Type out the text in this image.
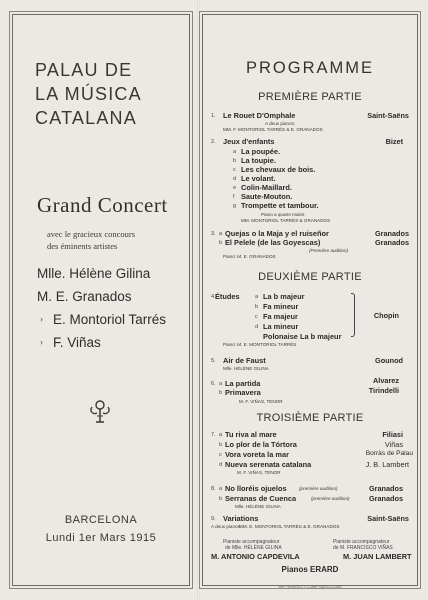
PALAU DE
LA MÚSICA
CATALANA
Grand Concert
avec le gracieux concours
des éminents artistes
Mlle. Hélène Gilina
M. E. Granados
› E. Montoriol Tarrés
› F. Viñas
BARCELONA
Lundi 1er Mars 1915
PROGRAMME
PREMIÈRE PARTIE
1. Le Rouet D'Omphale	Saint-Saëns
A deux pianos:
MM. F. MONTORIOL TARRÉS & E. GRANADOS
2. Jeux d'enfants	Bizet
a La poupée.
b La toupie.
c Les chevaux de bois.
d Le volant.
e Colin-Maillard.
f Saute-Mouton.
g Trompette et tambour.
Piano a quatre mains
MM. MONTORIOL TARRÉS & GRANADOS
3. a Quejas o la Maja y el ruiseñor	Granados
b El Pelele (de las Goyescas)	Granados
(Première audition)
Piano: M. E. GRANADOS
DEUXIÈME PARTIE
4. Études	a La b majeur
b Fa mineur
c Fa majeur
d La mineur
Polonaise La b majeur
Chopin
Piano: M. E. MONTORIOL TARRÉS
5. Air de Faust	Gounod
Mlle. HÉLÈNE GILINA
6. a La partida	Alvarez
b Primavera	Tirindelli
M. F. VIÑAS, TENOR
TROISIÈME PARTIE
7. a Tu riva al mare	Filiasi
b Lo plor de la Tórtora	Viñas
c Vora voreta la mar	Borràs de Palau
d Nueva serenata catalana	J. B. Lambert
M. F. VIÑAS, TENOR
8. a No lloréis ojuelos	(première audition)	Granados
b Serranas de Cuenca	(première audition)	Granados
Mlle. HÉLÈNE GILINA
9. Variations	Saint-Saëns
A deux pianos:
MM. E. MONTORIOL TARRÉS & E. GRANADOS
Pianiste accompagnateur
de Mlle. HÉLÈNE GILINA
M. ANTONIO CAPDEVILA
Pianiste accompagnateur
de M. FRANCISCO VIÑAS
M. JUAN LAMBERT
Pianos ERARD
IMP. HENRICH Y COMP. BARCELONA
